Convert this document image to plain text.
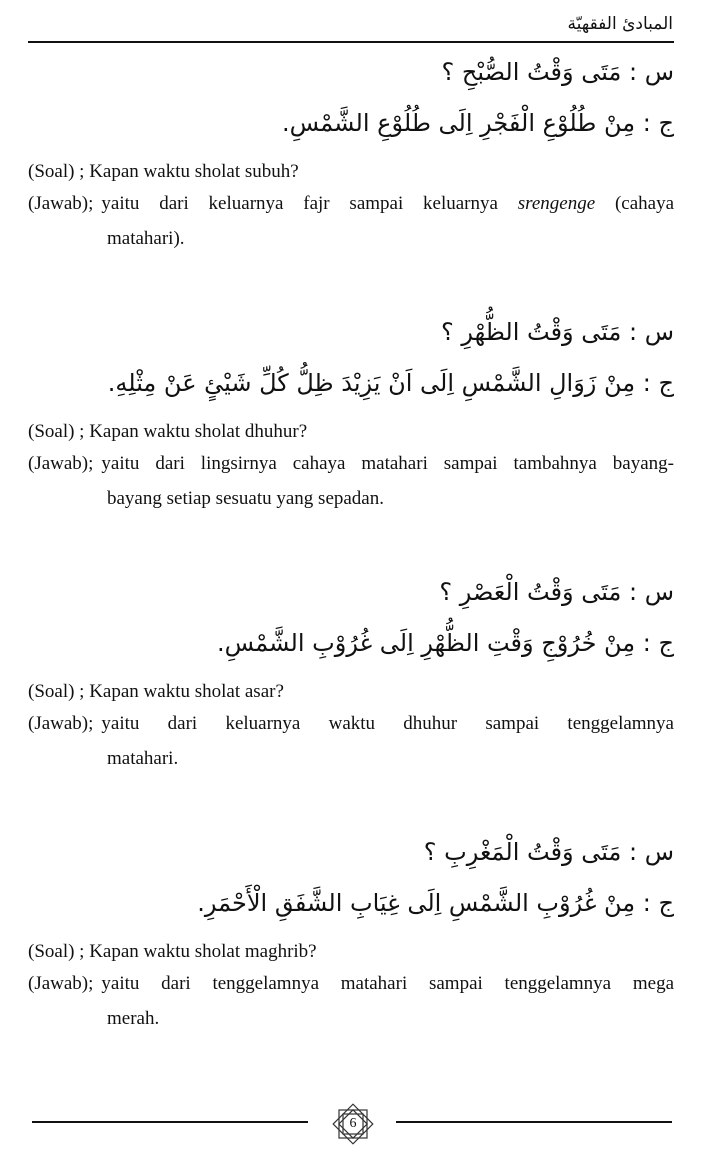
المبادئ الفقهيّة
س : مَتَى وَقْتُ الصُّبْحِ ؟
ج : مِنْ طُلُوْعِ الْفَجْرِ اِلَى طُلُوْعِ الشَّمْسِ.
(Soal) ; Kapan waktu sholat subuh?
(Jawab); yaitu dari keluarnya fajr sampai keluarnya srengenge (cahaya
matahari).
س : مَتَى وَقْتُ الظُّهْرِ ؟
ج : مِنْ زَوَالِ الشَّمْسِ اِلَى اَنْ يَزِيْدَ ظِلُّ كُلِّ شَيْئٍ عَنْ مِثْلِهِ.
(Soal) ; Kapan waktu sholat dhuhur?
(Jawab); yaitu dari lingsirnya cahaya matahari sampai tambahnya bayang-
bayang setiap sesuatu yang sepadan.
س : مَتَى وَقْتُ الْعَصْرِ ؟
ج : مِنْ خُرُوْجِ وَقْتِ الظُّهْرِ اِلَى غُرُوْبِ الشَّمْسِ.
(Soal) ; Kapan waktu sholat asar?
(Jawab); yaitu dari keluarnya waktu dhuhur sampai tenggelamnya
matahari.
س : مَتَى وَقْتُ الْمَغْرِبِ ؟
ج : مِنْ غُرُوْبِ الشَّمْسِ اِلَى غِيَابِ الشَّفَقِ الْأَحْمَرِ.
(Soal) ; Kapan waktu sholat maghrib?
(Jawab); yaitu dari tenggelamnya matahari sampai tenggelamnya mega
merah.
6
